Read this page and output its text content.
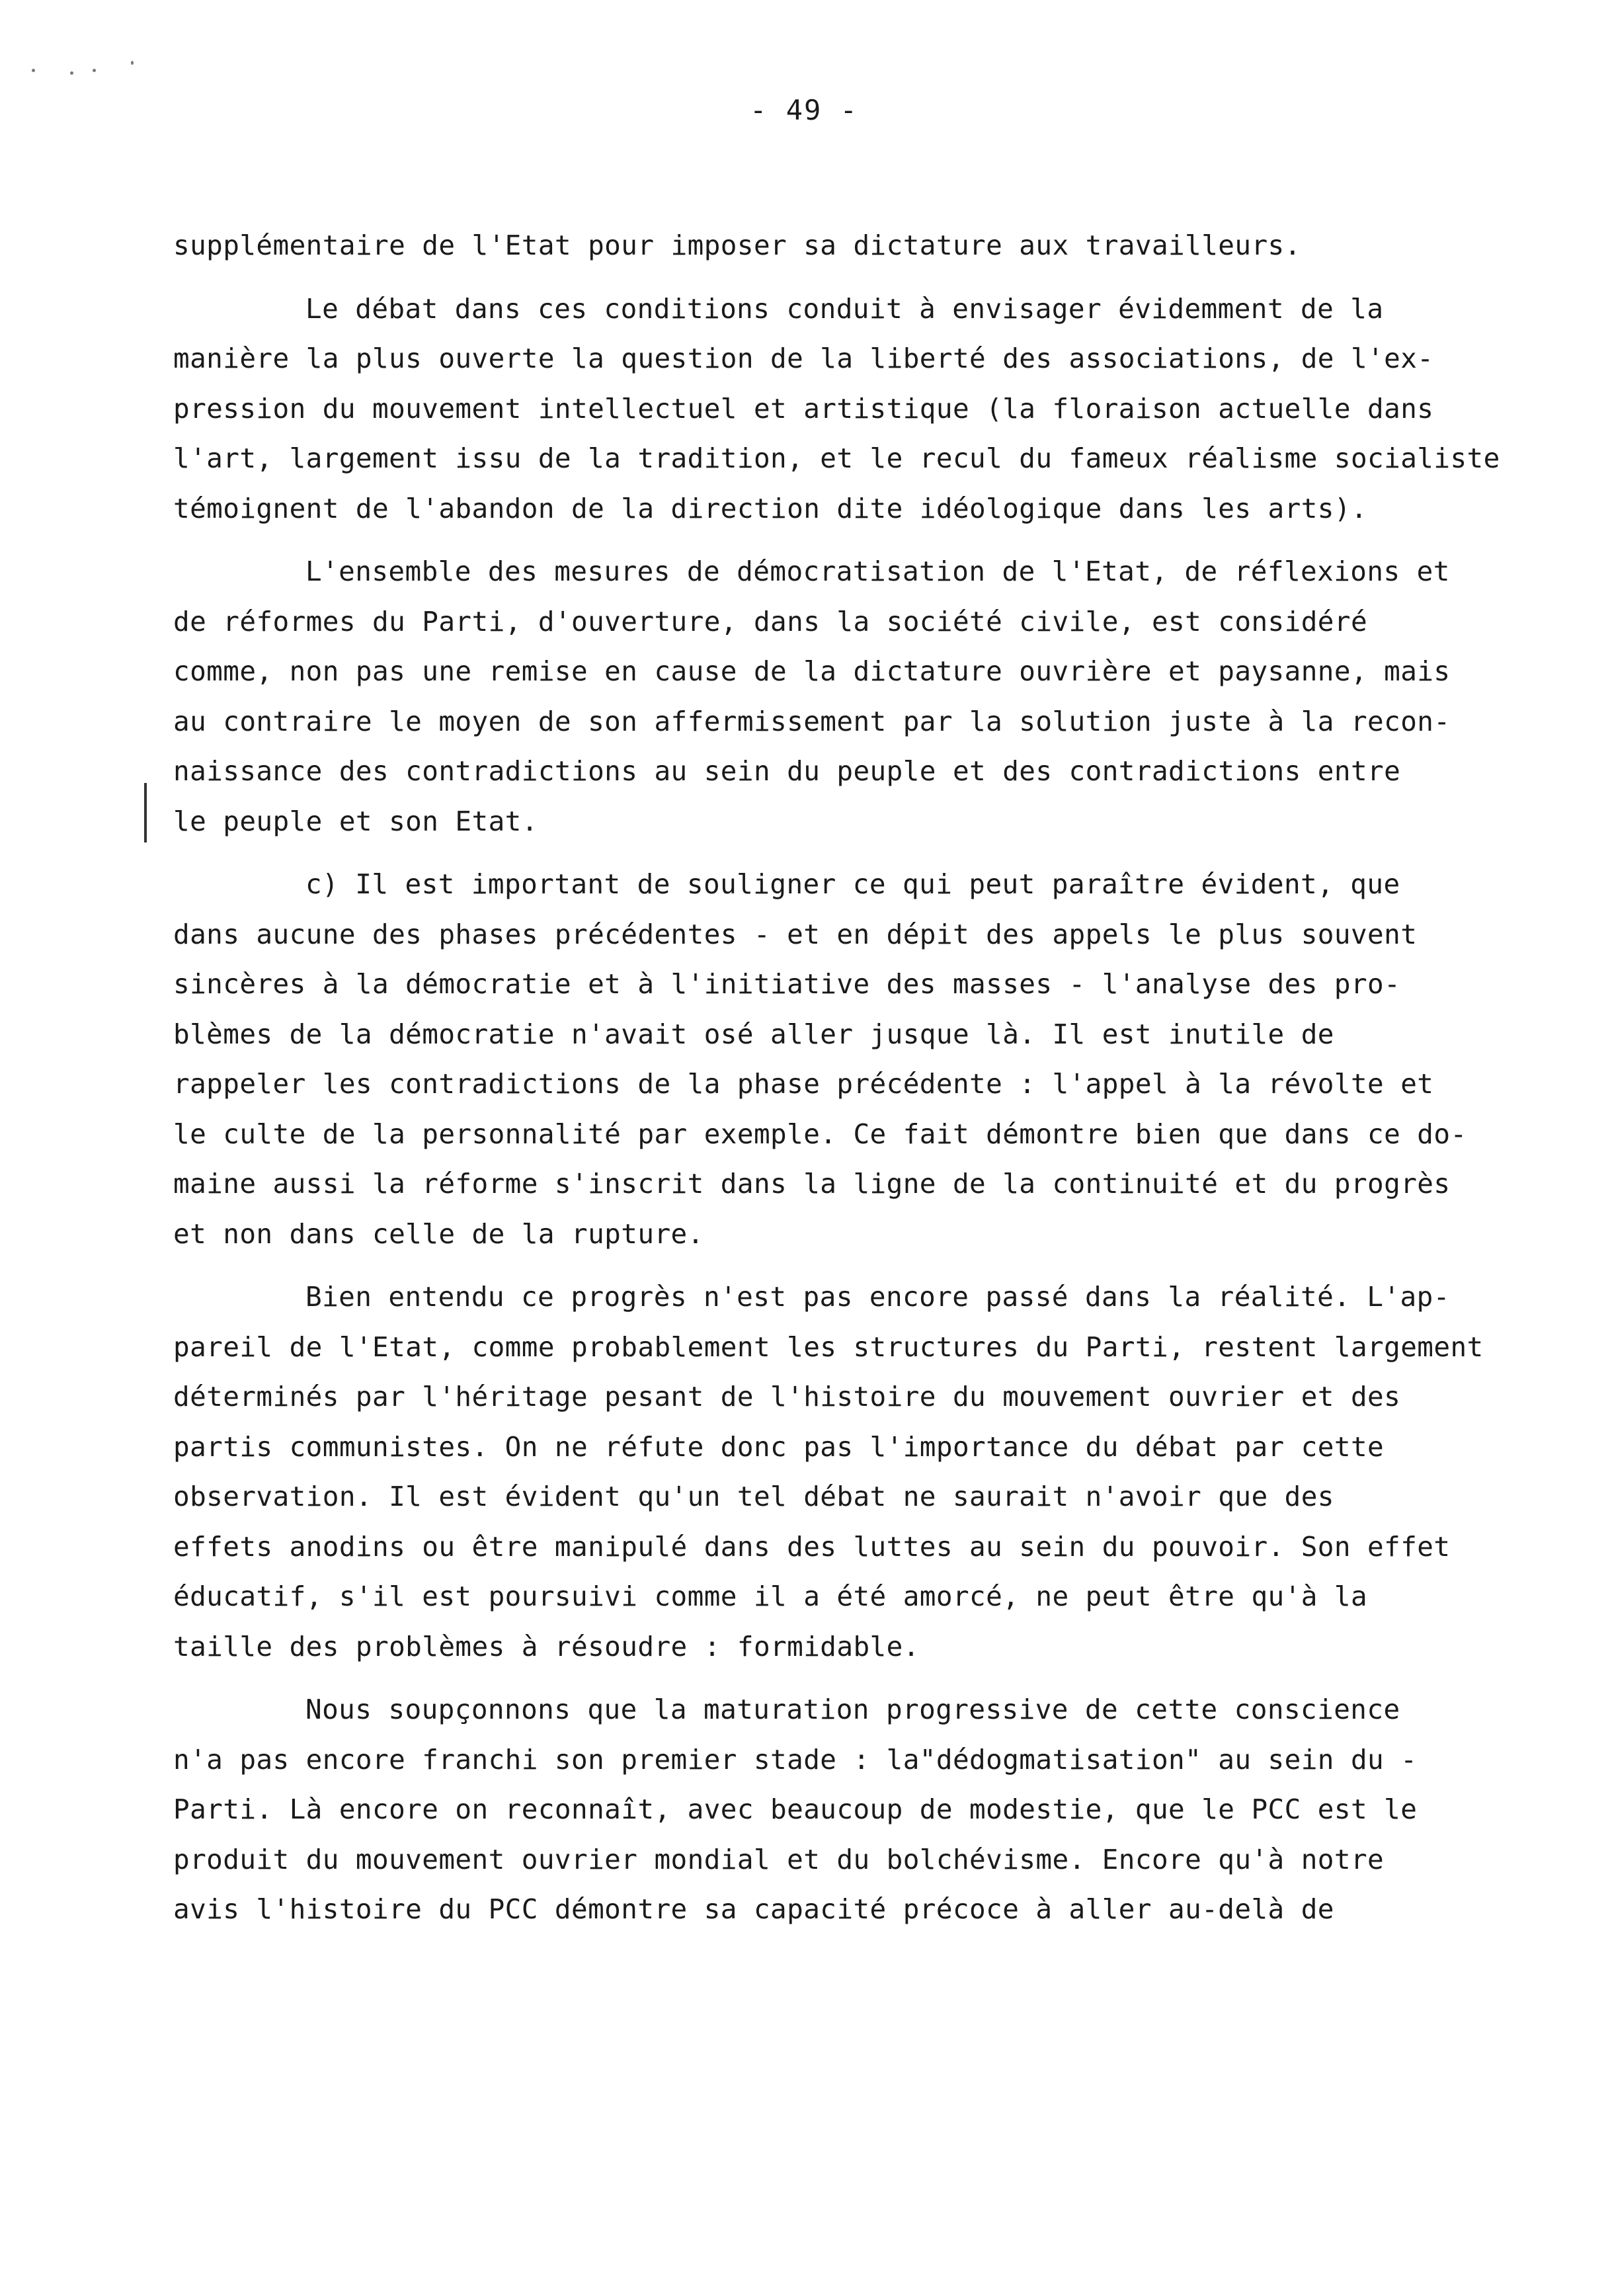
- 49 -
supplémentaire de l'Etat pour imposer sa dictature aux travailleurs.
Le débat dans ces conditions conduit à envisager évidemment de la
manière la plus ouverte la question de la liberté des associations, de l'ex-
pression du mouvement intellectuel et artistique (la floraison actuelle dans
l'art, largement issu de la tradition, et le recul du fameux réalisme socialiste
témoignent de l'abandon de la direction dite idéologique dans les arts).
L'ensemble des mesures de démocratisation de l'Etat, de réflexions et
de réformes du Parti, d'ouverture, dans la société civile, est considéré
comme, non pas une remise en cause de la dictature ouvrière et paysanne, mais
au contraire le moyen de son affermissement par la solution juste à la recon-
naissance des contradictions au sein du peuple et des contradictions entre
le peuple et son Etat.
c) Il est important de souligner ce qui peut paraître évident, que
dans aucune des phases précédentes - et en dépit des appels le plus souvent
sincères à la démocratie et à l'initiative des masses - l'analyse des pro-
blèmes de la démocratie n'avait osé aller jusque là. Il est inutile de
rappeler les contradictions de la phase précédente : l'appel à la révolte et
le culte de la personnalité par exemple. Ce fait démontre bien que dans ce do-
maine aussi la réforme s'inscrit dans la ligne de la continuité et du progrès
et non dans celle de la rupture.
Bien entendu ce progrès n'est pas encore passé dans la réalité. L'ap-
pareil de l'Etat, comme probablement les structures du Parti, restent largement
déterminés par l'héritage pesant de l'histoire du mouvement ouvrier et des
partis communistes. On ne réfute donc pas l'importance du débat par cette
observation. Il est évident qu'un tel débat ne saurait n'avoir que des
effets anodins ou être manipulé dans des luttes au sein du pouvoir. Son effet
éducatif, s'il est poursuivi comme il a été amorcé, ne peut être qu'à la
taille des problèmes à résoudre : formidable.
Nous soupçonnons que la maturation progressive de cette conscience
n'a pas encore franchi son premier stade : la"dédogmatisation" au sein du -
Parti. Là encore on reconnaît, avec beaucoup de modestie, que le PCC est le
produit du mouvement ouvrier mondial et du bolchévisme. Encore qu'à notre
avis l'histoire du PCC démontre sa capacité précoce à aller au-delà de
